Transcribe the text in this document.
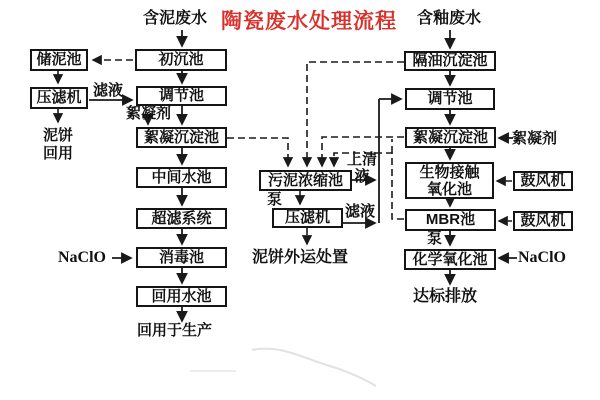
陶瓷废水处理流程
含泥废水	含釉废水
储泥池	初沉池
压滤机	调节池
絮凝沉淀池
中间水池
超滤系统
消毒池
回用水池
污泥浓缩池
压滤机
隔油沉淀池
调节池
絮凝沉淀池
生物接触
氧化池
MBR池
化学氧化池
鼓风机
鼓风机
滤液
絮凝剂
泥饼
回用
NaClO
回用于生产
絮凝剂
上清
液
滤液
泵
泵
泥饼外运处置	NaClO
达标排放
